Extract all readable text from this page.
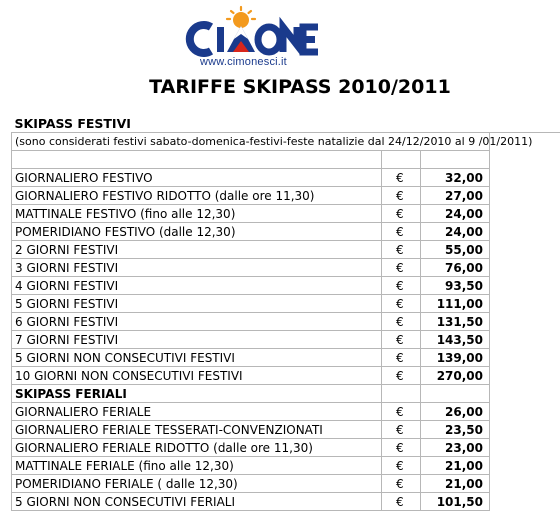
www.cimonesci.it
TARIFFE SKIPASS 2010/2011
SKIPASS FESTIVI			
(sono considerati festivi sabato-domenica-festivi-feste natalizie dal 24/12/2010 al 9 /01/2011)			

GIORNALIERO FESTIVO	€	32,00	
GIORNALIERO FESTIVO RIDOTTO (dalle ore 11,30)	€	27,00	
MATTINALE FESTIVO (fino alle 12,30)	€	24,00	
POMERIDIANO FESTIVO (dalle 12,30)	€	24,00	
2 GIORNI FESTIVI	€	55,00	
3 GIORNI FESTIVI	€	76,00	
4 GIORNI FESTIVI	€	93,50	
5 GIORNI FESTIVI	€	111,00	
6 GIORNI FESTIVI	€	131,50	
7 GIORNI FESTIVI	€	143,50	
5 GIORNI NON CONSECUTIVI FESTIVI	€	139,00	
10 GIORNI NON CONSECUTIVI FESTIVI	€	270,00	
SKIPASS FERIALI			
GIORNALIERO FERIALE	€	26,00	
GIORNALIERO FERIALE TESSERATI-CONVENZIONATI	€	23,50	
GIORNALIERO FERIALE RIDOTTO (dalle ore 11,30)	€	23,00	
MATTINALE FERIALE (fino alle 12,30)	€	21,00	
POMERIDIANO FERIALE ( dalle 12,30)	€	21,00	
5 GIORNI NON CONSECUTIVI FERIALI	€	101,50	
